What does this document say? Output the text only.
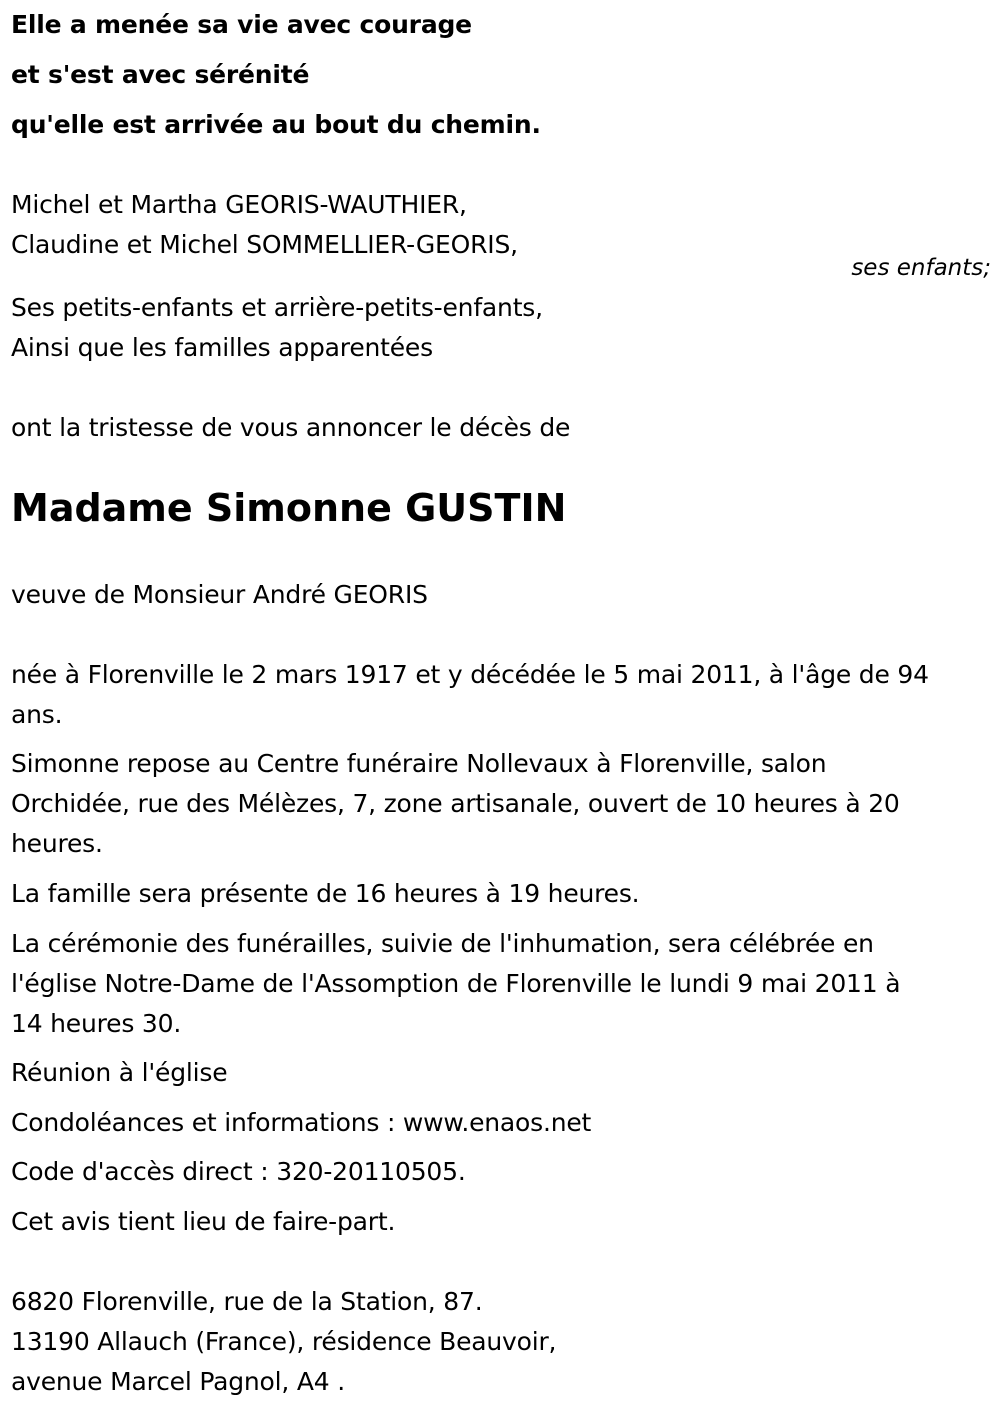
Elle a menée sa vie avec courage
et s'est avec sérénité
qu'elle est arrivée au bout du chemin.
Michel et Martha GEORIS-WAUTHIER,
Claudine et Michel SOMMELLIER-GEORIS,
ses enfants;
Ses petits-enfants et arrière-petits-enfants,
Ainsi que les familles apparentées
ont la tristesse de vous annoncer le décès de
Madame Simonne GUSTIN
veuve de Monsieur André GEORIS
née à Florenville le 2 mars 1917 et y décédée le 5 mai 2011, à l'âge de 94
ans.
Simonne repose au Centre funéraire Nollevaux à Florenville, salon
Orchidée, rue des Mélèzes, 7, zone artisanale, ouvert de 10 heures à 20
heures.
La famille sera présente de 16 heures à 19 heures.
La cérémonie des funérailles, suivie de l'inhumation, sera célébrée en
l'église Notre-Dame de l'Assomption de Florenville le lundi 9 mai 2011 à
14 heures 30.
Réunion à l'église
Condoléances et informations : www.enaos.net
Code d'accès direct : 320-20110505.
Cet avis tient lieu de faire-part.
6820 Florenville, rue de la Station, 87.
13190 Allauch (France), résidence Beauvoir,
avenue Marcel Pagnol, A4 .
